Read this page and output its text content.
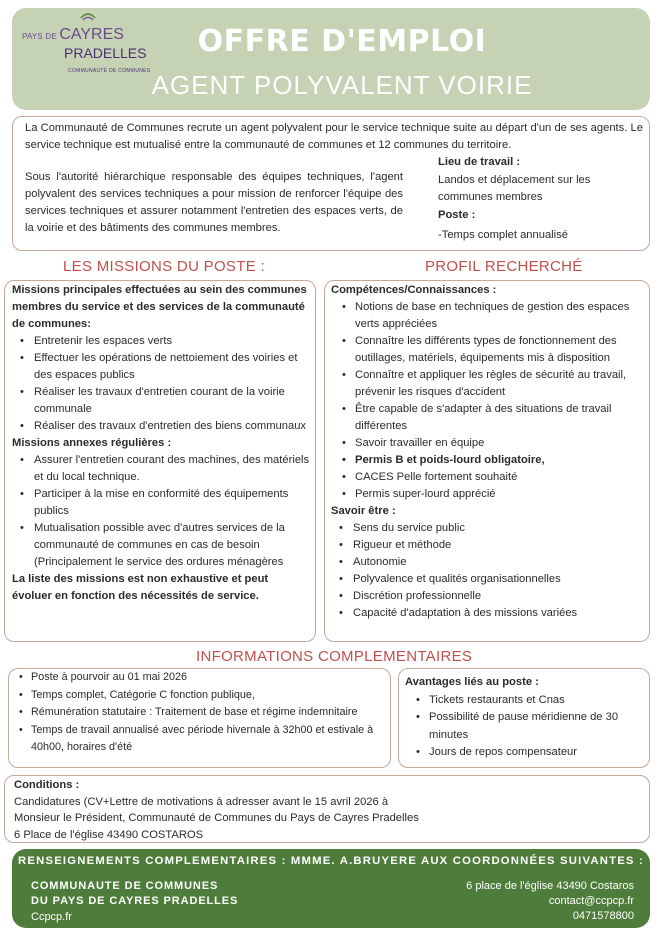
PAYS DE CAYRES
PRADELLES
COMMUNAUTÉ DE COMMUNES
OFFRE D'EMPLOI
AGENT POLYVALENT VOIRIE
La Communauté de Communes recrute un agent polyvalent pour le service technique suite au départ d'un de ses agents. Le service technique est mutualisé entre la communauté de communes et 12 communes du territoire.
Sous l'autorité hiérarchique responsable des équipes techniques, l'agent polyvalent des services techniques a pour mission de renforcer l'équipe des services techniques et assurer notamment l'entretien des espaces verts, de la voirie et des bâtiments des communes membres.
Lieu de travail :
Landos et déplacement sur les communes membres
Poste :
-Temps complet annualisé
LES MISSIONS DU POSTE :	PROFIL RECHERCHÉ
Missions principales effectuées au sein des communes membres du service et des services de la communauté de communes:
• Entretenir les espaces verts
• Effectuer les opérations de nettoiement des voiries et des espaces publics
• Réaliser les travaux d'entretien courant de la voirie communale
• Réaliser des travaux d'entretien des biens communaux
Missions annexes régulières :
• Assurer l'entretien courant des machines, des matériels et du local technique.
• Participer à la mise en conformité des équipements publics
• Mutualisation possible avec d'autres services de la communauté de communes en cas de besoin (Principalement le service des ordures ménagères
La liste des missions est non exhaustive et peut évoluer en fonction des nécessités de service.
Compétences/Connaissances :
• Notions de base en techniques de gestion des espaces verts appréciées
• Connaître les différents types de fonctionnement des outillages, matériels, équipements mis à disposition
• Connaître et appliquer les règles de sécurité au travail, prévenir les risques d'accident
• Être capable de s'adapter à des situations de travail différentes
• Savoir travailler en équipe
• Permis B et poids-lourd obligatoire,
• CACES Pelle fortement souhaité
• Permis super-lourd apprécié
Savoir être :
• Sens du service public
• Rigueur et méthode
• Autonomie
• Polyvalence et qualités organisationnelles
• Discrétion professionnelle
• Capacité d'adaptation à des missions variées
INFORMATIONS COMPLEMENTAIRES
• Poste à pourvoir au 01 mai 2026
• Temps complet, Catégorie C fonction publique,
• Rémunération statutaire : Traitement de base et régime indemnitaire
• Temps de travail annualisé avec période hivernale à 32h00 et estivale à 40h00, horaires d'été
Avantages liés au poste :
• Tickets restaurants et Cnas
• Possibilité de pause méridienne de 30 minutes
• Jours de repos compensateur
Conditions :
Candidatures (CV+Lettre de motivations à adresser avant le 15 avril 2026 à
Monsieur le Président, Communauté de Communes du Pays de Cayres Pradelles
6 Place de l'église 43490 COSTAROS
RENSEIGNEMENTS COMPLEMENTAIRES : MMME. A.BRUYERE AUX COORDONNÉES SUIVANTES :
COMMUNAUTE DE COMMUNES
DU PAYS DE CAYRES PRADELLES
Ccpcp.fr
6 place de l'église 43490 Costaros
contact@ccpcp.fr
0471578800
